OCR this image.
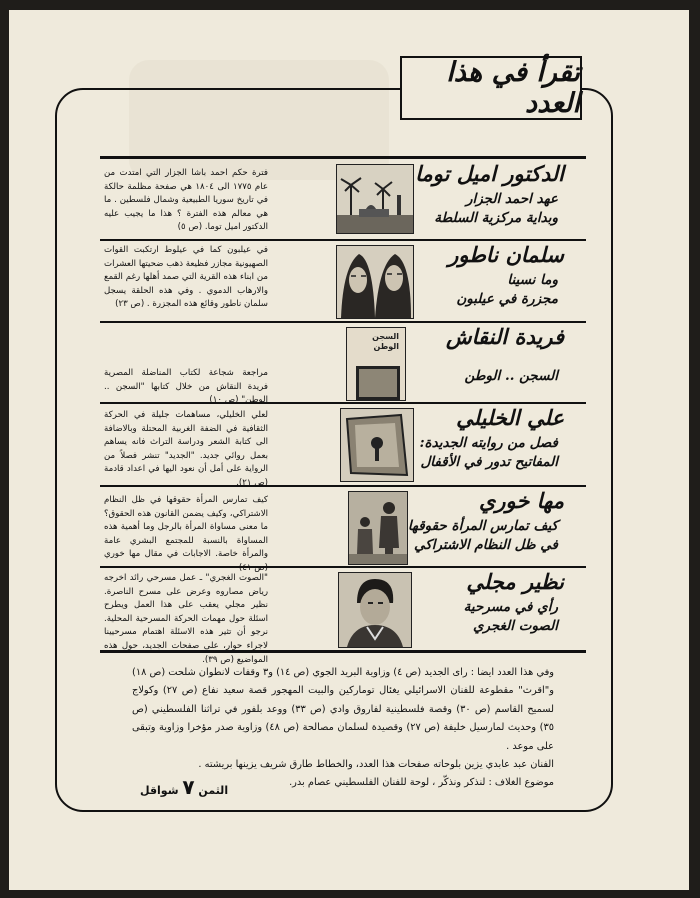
تقرأ في هذا العدد
الدكتور اميل توما
عهد احمد الجزار
وبداية مركزية السلطة
فترة حكم احمد باشا الجزار التي امتدت من عام ١٧٧٥ الى ١٨٠٤ هي صفحة مظلمة حالكة في تاريخ سوريا الطبيعية وشمال فلسطين . ما هي معالم هذه الفترة ؟ هذا ما يجيب عليه الدكتور اميل توما. (ص ٥)
سلمان ناطور
وما نسينا
مجزرة في عيلبون
في عيلبون كما في عيلوط ارتكبت القوات الصهيونية مجازر فظيعة ذهب ضحيتها العشرات من ابناء هذه القرية التي صمد أهلها رغم القمع والارهاب الدموي . وفي هذه الحلقة يسجل سلمان ناطور وقائع هذه المجزرة . (ص ٢٣)
فريدة النقاش
السجن .. الوطن
السجن الوطن
مراجعة شجاعة لكتاب المناضلة المصرية فريدة النقاش من خلال كتابها "السجن .. الوطن" (ص ١٠)
علي الخليلي
فصل من روايته الجديدة:
المفاتيح تدور في الأقفال
لعلي الخليلي، مساهمات جليلة في الحركة الثقافية في الضفة الغربية المحتلة وبالاضافة الى كتابة الشعر ودراسة التراث فانه يساهم بعمل روائي جديد. "الجديد" تنشر فصلاً من الرواية على أمل أن نعود اليها في اعداد قادمة (ص ٢١).
مها خوري
كيف تمارس المرأة حقوقها
في ظل النظام الاشتراكي
كيف تمارس المرأة حقوقها في ظل النظام الاشتراكي، وكيف يضمن القانون هذه الحقوق؟ ما معنى مساواة المرأة بالرجل وما أهمية هذه المساواة بالنسبة للمجتمع البشري عامة والمرأة خاصة. الاجابات في مقال مها خوري (ص ٤١)
نظير مجلي
رأي في مسرحية
الصوت الغجري
"الصوت الغجري" ـ عمل مسرحي رائد اخرجه رياض مصاروه وعرض على مسرح الناصرة. نظير مجلي يعقب على هذا العمل ويطرح اسئلة حول مهمات الحركة المسرحية المحلية. نرجو أن تثير هذه الاسئلة اهتمام مسرحيينا لاجراء حوار، على صفحات الجديد، حول هذه المواضيع (ص ٣٩).
وفي هذا العدد ايضا : راى الجديد (ص ٤) وزاوية البريد الجوي (ص ١٤) و٣ وقفات لانطوان شلحت (ص ١٨) و"اقرث" مقطوعة للفنان الاسرائيلي يغئال توماركين والبيت المهجور قصة سعيد نفاع (ص ٢٧) وكولاج لسميح القاسم (ص ٣٠) وقصة فلسطينية لفاروق وادي (ص ٣٣) ووعد بلفور في تراثنا الفلسطيني (ص ٣٥) وحديث لمارسيل خليفة (ص ٢٧) وقصيدة لسلمان مصالحة (ص ٤٨) وزاوية صدر مؤخرا وزاوية وتبقى على موعد .
الفنان عبد عابدي يزين بلوحاته صفحات هذا العدد، والخطاط طارق شريف يزينها بريشته .
موضوع الغلاف : لنذكر ونذكّر ، لوحة للفنان الفلسطيني عصام بدر.
الثمن ٧ شواقل
